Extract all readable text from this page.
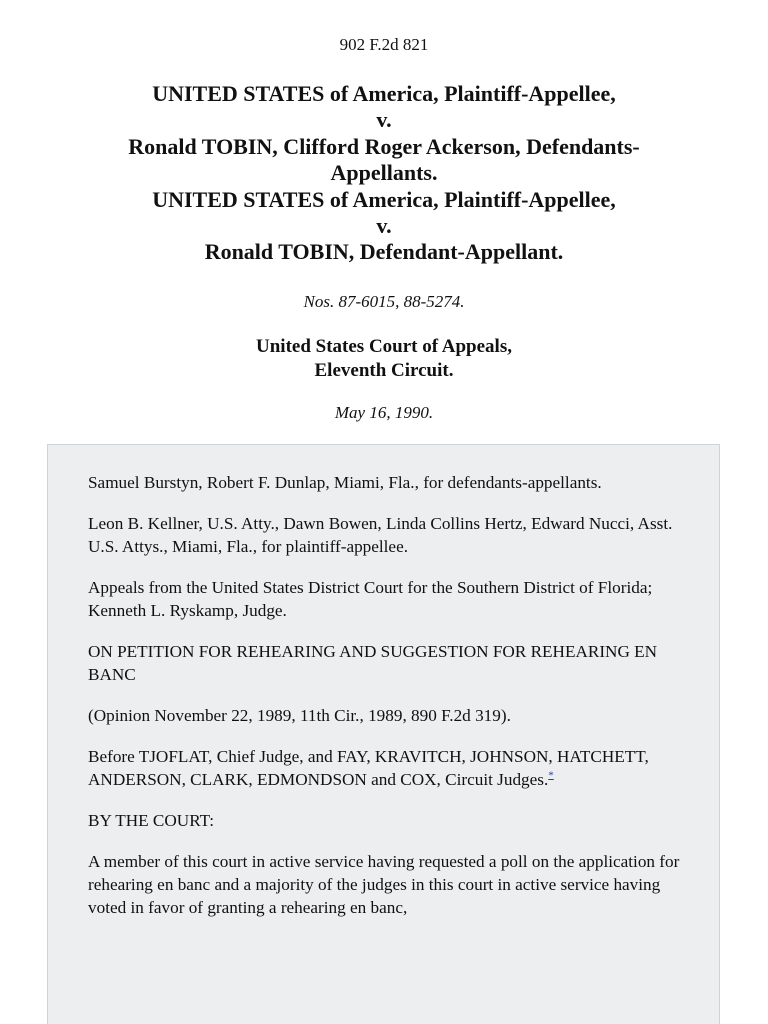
902 F.2d 821
UNITED STATES of America, Plaintiff-Appellee,
v.
Ronald TOBIN, Clifford Roger Ackerson, Defendants-
Appellants.
UNITED STATES of America, Plaintiff-Appellee,
v.
Ronald TOBIN, Defendant-Appellant.
Nos. 87-6015, 88-5274.
United States Court of Appeals,
Eleventh Circuit.
May 16, 1990.

Samuel Burstyn, Robert F. Dunlap, Miami, Fla., for defendants-appellants.

Leon B. Kellner, U.S. Atty., Dawn Bowen, Linda Collins Hertz, Edward Nucci, Asst. U.S. Attys., Miami, Fla., for plaintiff-appellee.

Appeals from the United States District Court for the Southern District of Florida; Kenneth L. Ryskamp, Judge.

ON PETITION FOR REHEARING AND SUGGESTION FOR REHEARING EN BANC

(Opinion November 22, 1989, 11th Cir., 1989, 890 F.2d 319).

Before TJOFLAT, Chief Judge, and FAY, KRAVITCH, JOHNSON, HATCHETT, ANDERSON, CLARK, EDMONDSON and COX, Circuit Judges.*

BY THE COURT:

A member of this court in active service having requested a poll on the application for rehearing en banc and a majority of the judges in this court in active service having voted in favor of granting a rehearing en banc,
